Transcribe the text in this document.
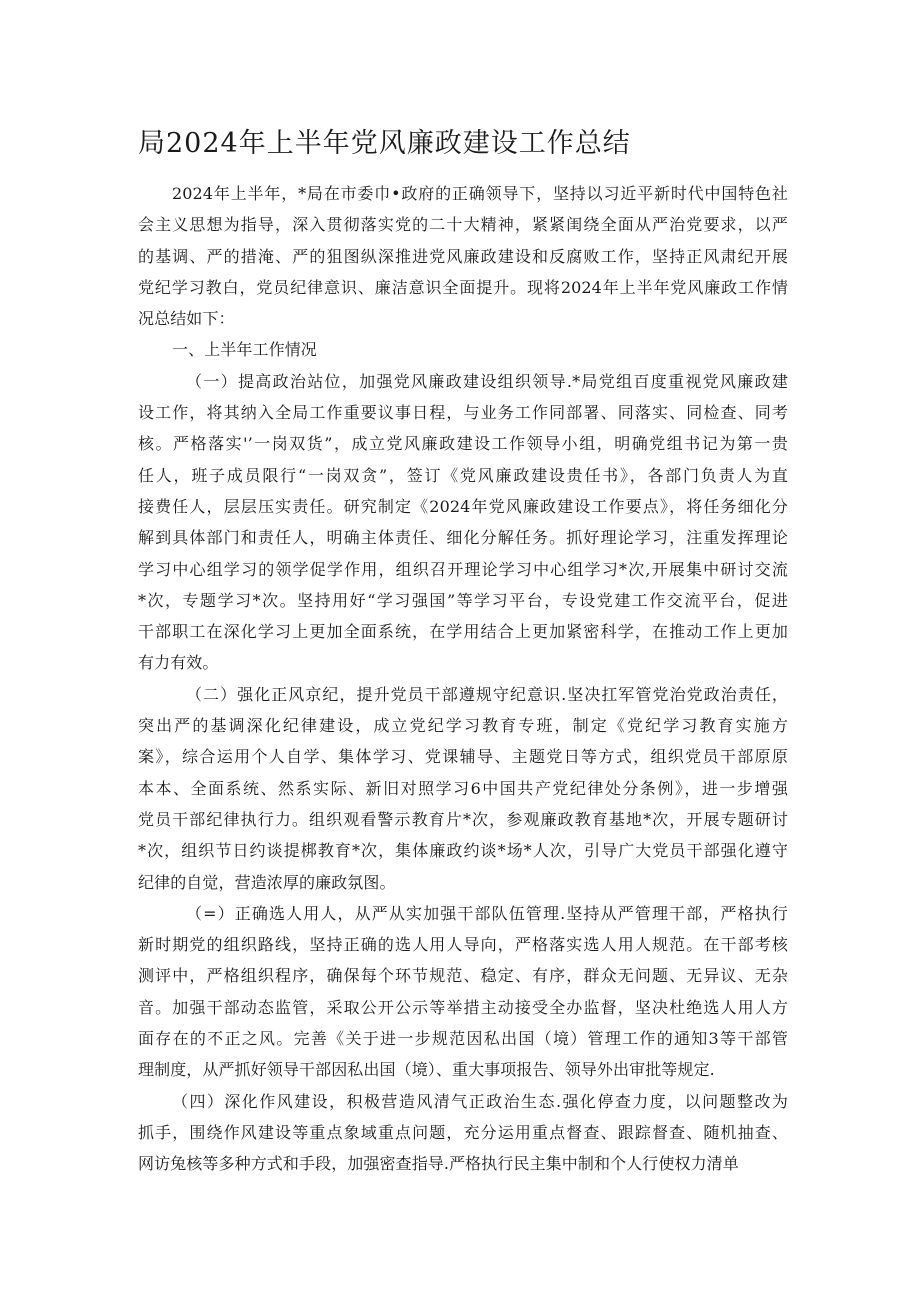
局2024年上半年党风廉政建设工作总结
2024年上半年，*局在市委巾•政府的正确领导下，坚持以习近平新时代中国特色社
会主义思想为指导，深入贯彻落实党的二十大精神，紧紧闺绕全面从严治党要求，以严
的基调、严的措淹、严的狙图纵深推进党风廉政建设和反腐败工作，坚持正风肃纪开展
党纪学习教白，党员纪律意识、廉洁意识全面提升。现将2024年上半年党风廉政工作情
况总结如下：
一、上半年工作情况
（一）提高政治站位，加强党风廉政建设组织领导.*局党组百度重视党风廉政建
设工作，将其纳入全局工作重要议事日程，与业务工作同部署、同落实、同检查、同考
核。严格落实'’一岗双货”，成立党风廉政建设工作领导小组，明确党组书记为第一贵
任人，班子成员限行“一岗双贪”，签订《党风廉政建设贵任书》，各部门负责人为直
接费任人，层层压实责任。研究制定《2024年党风廉政建设工作要点》，将任务细化分
解到具体部门和责任人，明确主体责任、细化分解任务。抓好理论学习，注重发挥理论
学习中心组学习的领学促学作用，组织召开理论学习中心组学习*次,开展集中研讨交流
*次，专题学习*次。坚持用好“学习强国”等学习平台，专设党建工作交流平台，促进
干部职工在深化学习上更加全面系统，在学用结合上更加紧密科学，在推动工作上更加
有力有效。
（二）强化正风京纪，提升党员干部遵规守纪意识.坚决扛军管党治党政治责任，
突出严的基调深化纪律建设，成立党纪学习教育专班，制定《党纪学习教育实施方
案》，综合运用个人自学、集体学习、党课辅导、主题党日等方式，组织党员干部原原
本本、全面系统、然系实际、新旧对照学习6中国共产党纪律处分条例》，进一步增强
党员干部纪律执行力。组织观看警示教育片*次，参观廉政教育基地*次，开展专题研讨
*次，组织节日约谈提梆教育*次，集体廉政约谈*场*人次，引导广大党员干部强化遵守
纪律的自觉，营造浓厚的廉政氛图。
（=）正确选人用人，从严从实加强干部队伍管理.坚持从严管理干部，严格执行
新时期党的组织路线，坚持正确的选人用人导向，严格落实选人用人规范。在干部考核
测评中，严格组织程序，确保每个环节规范、稳定、有序，群众无问题、无异议、无杂
音。加强干部动态监管，采取公开公示等举措主动接受全办监督，坚决杜绝选人用人方
面存在的不正之风。完善《关于进一步规范因私出国（境）管理工作的通知3等干部管
理制度，从严抓好领导干部因私出国（境）、重大事项报告、领导外出审批等规定.
（四）深化作风建设，积极营造风清气正政治生态.强化停查力度，以问题整改为
抓手，围绕作风建设等重点象域重点问题，充分运用重点督查、跟踪督查、随机抽查、
网访兔核等多种方式和手段，加强密查指导.严格执行民主集中制和个人行使权力清单
